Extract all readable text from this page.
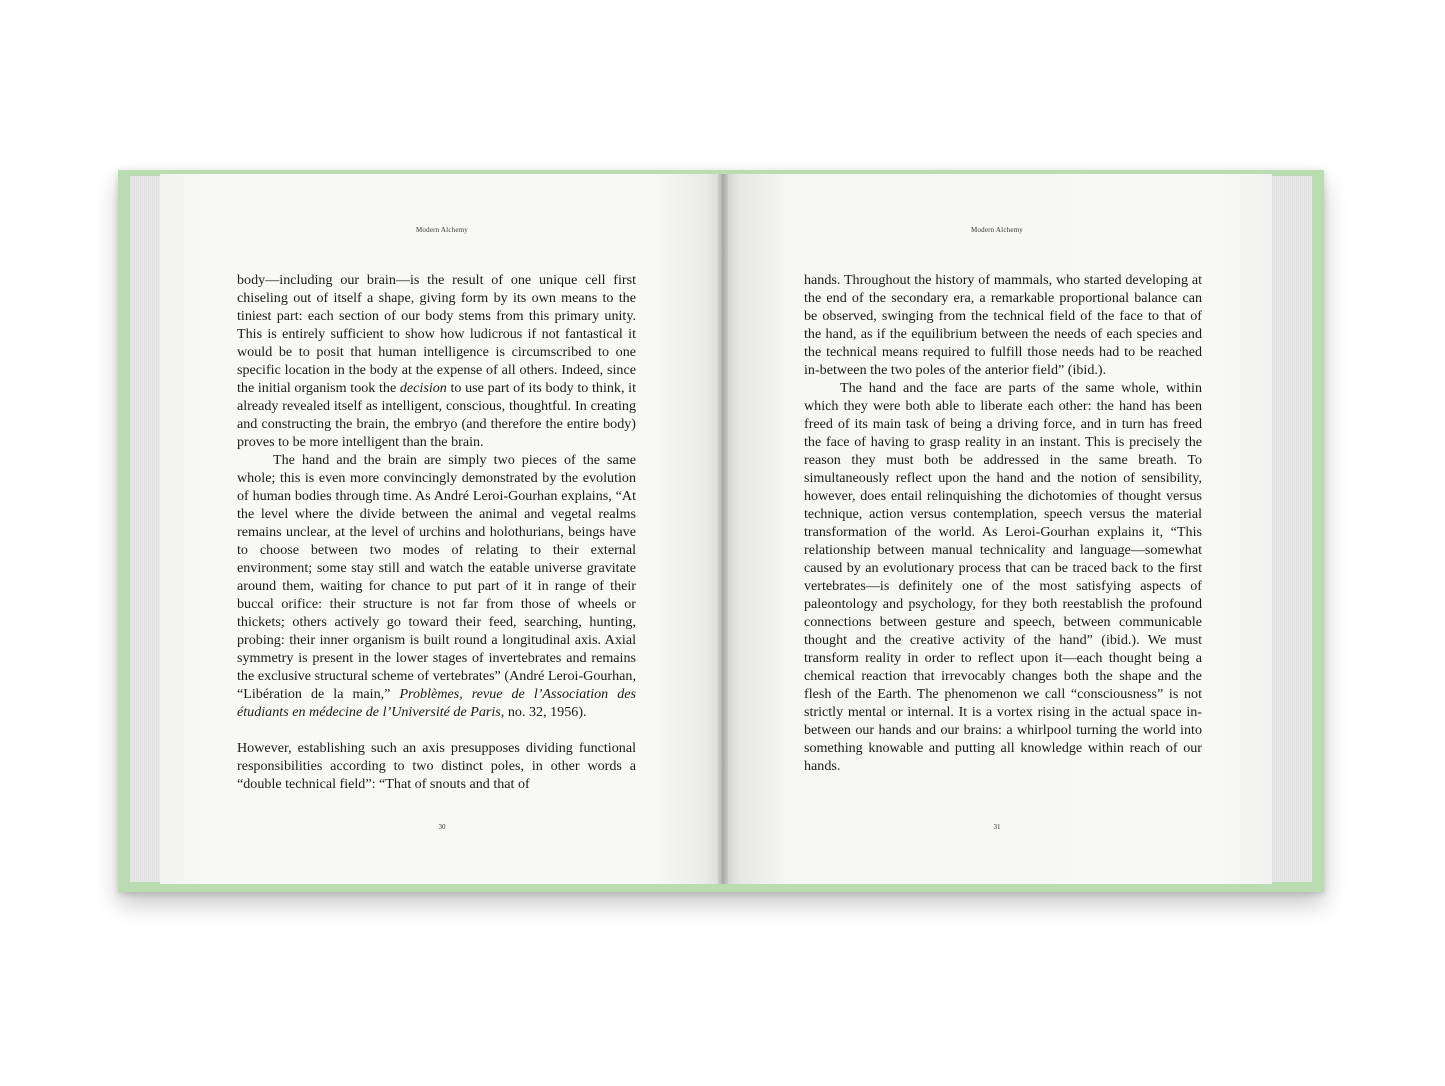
Modern Alchemy

body—including our brain—is the result of one unique cell first chiseling out of itself a shape, giving form by its own means to the tiniest part: each section of our body stems from this primary unity. This is entirely sufficient to show how ludicrous if not fantastical it would be to posit that human intelligence is circumscribed to one specific location in the body at the expense of all others. Indeed, since the initial organism took the decision to use part of its body to think, it already revealed itself as intelligent, conscious, thoughtful. In creating and constructing the brain, the embryo (and therefore the entire body) proves to be more intelligent than the brain.

The hand and the brain are simply two pieces of the same whole; this is even more convincingly demonstrated by the evolution of human bodies through time. As André Leroi-Gourhan explains, “At the level where the divide between the animal and vegetal realms remains unclear, at the level of urchins and holothurians, beings have to choose between two modes of relating to their external environment; some stay still and watch the eatable universe gravitate around them, waiting for chance to put part of it in range of their buccal orifice: their structure is not far from those of wheels or thickets; others actively go toward their feed, searching, hunting, probing: their inner organism is built round a longitudinal axis. Axial symmetry is present in the lower stages of invertebrates and remains the exclusive structural scheme of vertebrates” (André Leroi-Gourhan, “Libération de la main,” Problèmes, revue de l’Association des étudiants en médecine de l’Université de Paris, no. 32, 1956).

However, establishing such an axis presupposes dividing functional responsibilities according to two distinct poles, in other words a “double technical field”: “That of snouts and that of

30
Modern Alchemy

hands. Throughout the history of mammals, who started developing at the end of the secondary era, a remarkable proportional balance can be observed, swinging from the technical field of the face to that of the hand, as if the equilibrium between the needs of each species and the technical means required to fulfill those needs had to be reached in-between the two poles of the anterior field” (ibid.).

The hand and the face are parts of the same whole, within which they were both able to liberate each other: the hand has been freed of its main task of being a driving force, and in turn has freed the face of having to grasp reality in an instant. This is precisely the reason they must both be addressed in the same breath. To simultaneously reflect upon the hand and the notion of sensibility, however, does entail relinquishing the dichotomies of thought versus technique, action versus contemplation, speech versus the material transformation of the world. As Leroi-Gourhan explains it, “This relationship between manual technicality and language—somewhat caused by an evolutionary process that can be traced back to the first vertebrates—is definitely one of the most satisfying aspects of paleontology and psychology, for they both reestablish the profound connections between gesture and speech, between communicable thought and the creative activity of the hand” (ibid.). We must transform reality in order to reflect upon it—each thought being a chemical reaction that irrevocably changes both the shape and the flesh of the Earth. The phenomenon we call “consciousness” is not strictly mental or internal. It is a vortex rising in the actual space in-between our hands and our brains: a whirlpool turning the world into something knowable and putting all knowledge within reach of our hands.

31
